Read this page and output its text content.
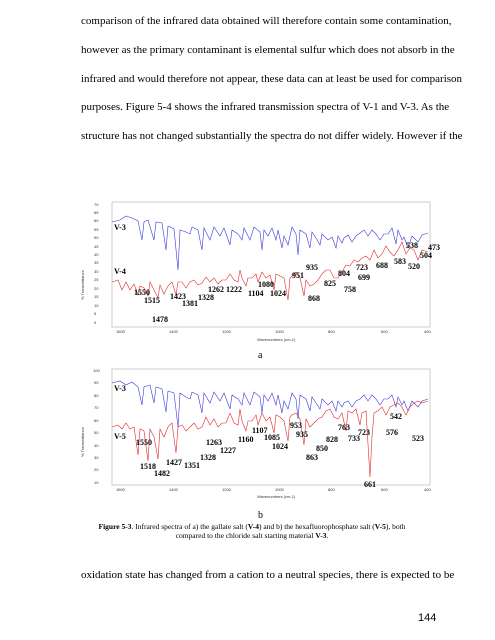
comparison of the infrared data obtained will therefore contain some contamination,
however as the primary contaminant is elemental sulfur which does not absorb in the
infrared and would therefore not appear, these data can at least be used for comparison
purposes. Figure 5-4 shows the infrared transmission spectra of V-1 and V-3. As the
structure has not changed substantially the spectra do not differ widely. However if the
70
65
60
55
50
45
40
35
30
25
20
15
10
5
0
% Transmittance
1600	1400	1200	1000	800	600	400
Wavenumbers (cm-1)
V-3
V-4
1550
1515
1478
1423
1381
1328
1262 1222 1104
1080
1024
951
935
868
825
804
758
723
699
688 583
538
520
504
473
a
100
90
80
70
60
50
40
30
20
10
% Transmittance
1600	1400	1200	1000	800	600	400
Wavenumbers (cm-1)
V-3
V-5
1550
1518
1482
1427 1351
1328
1263
1227
1160
1107
1085
1024
953
935
863
850
828
763
733
723
661
576
542
523
b
Figure 5-3. Infrared spectra of a) the gallate salt (V-4) and b) the hexafluorophosphate salt (V-5), both
compared to the chloride salt starting material V-3.
oxidation state has changed from a cation to a neutral species, there is expected to be
144
